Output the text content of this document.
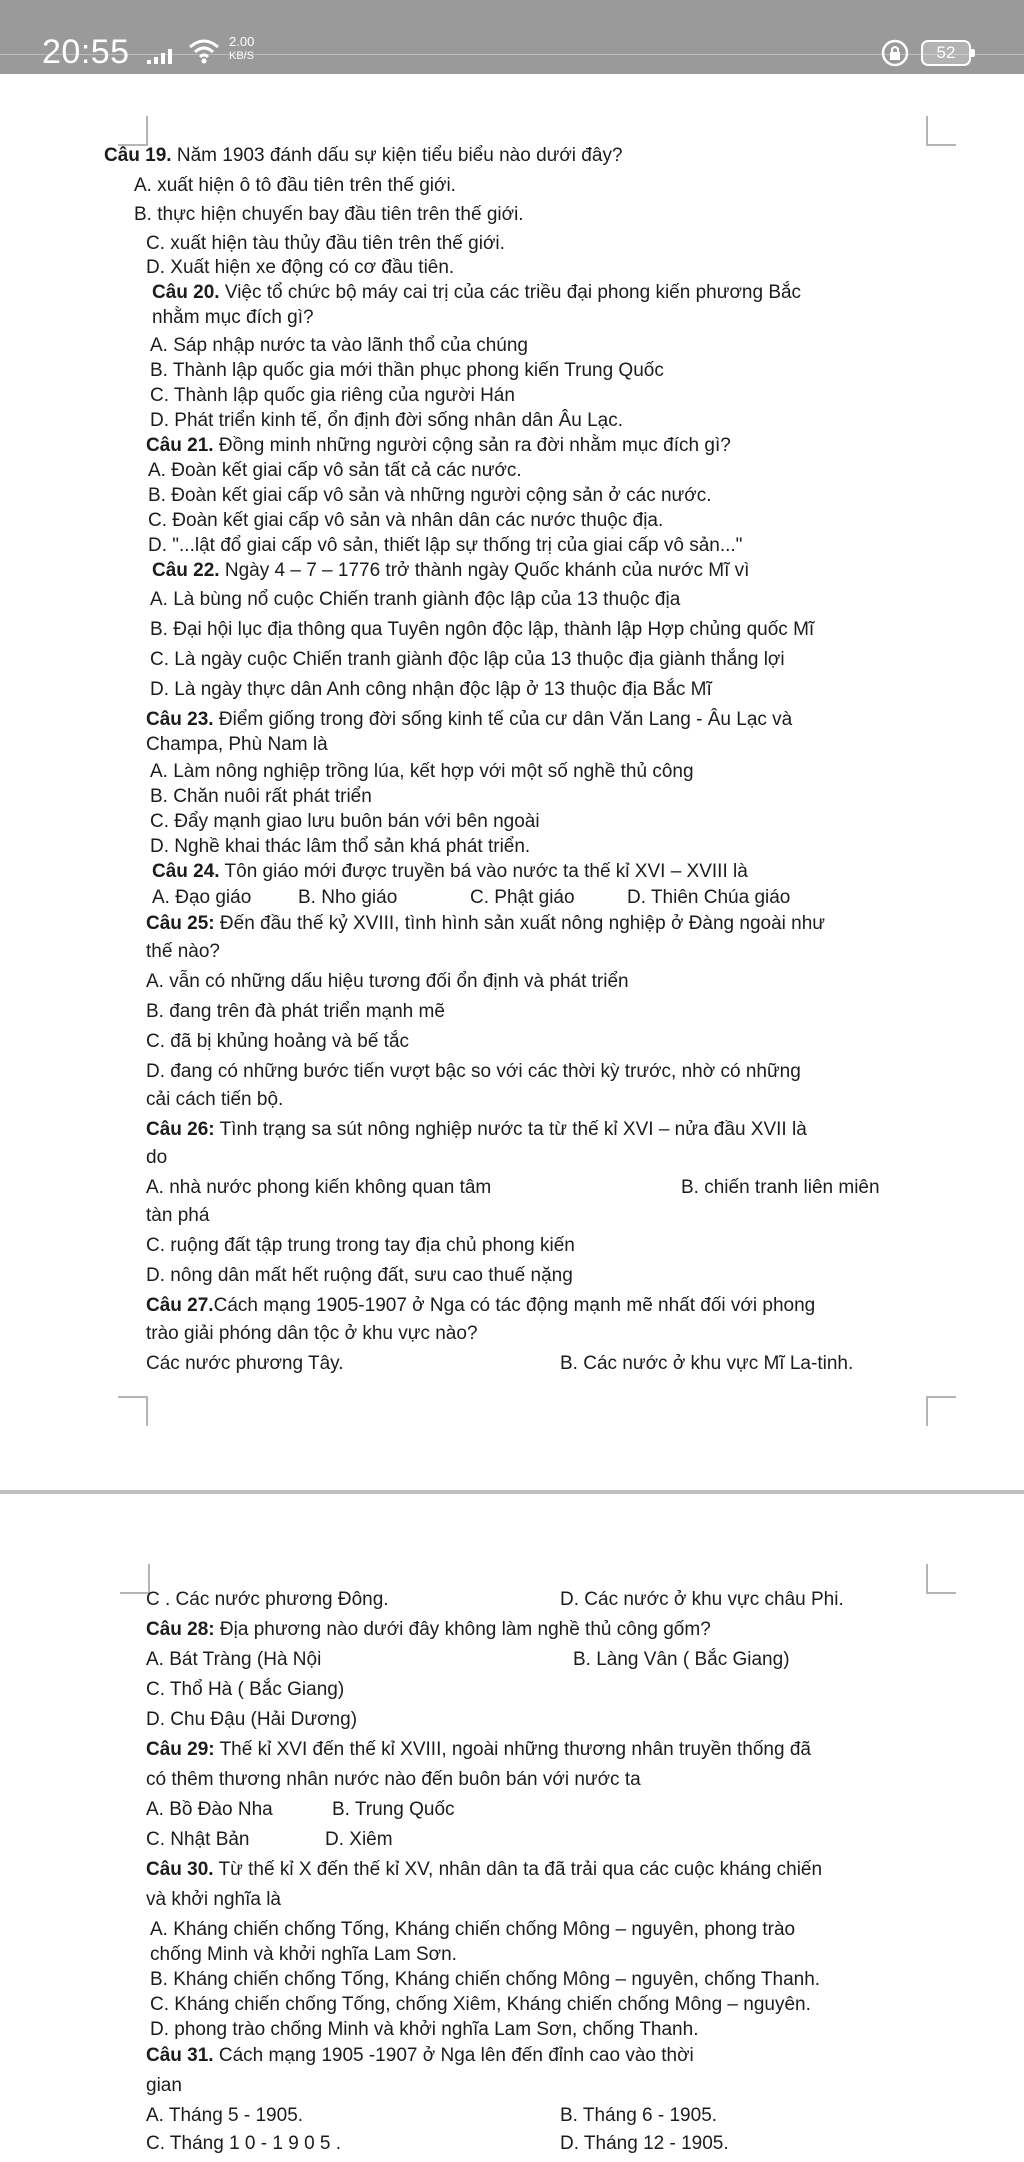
20:55	2.00
KB/S	52
Câu 19. Năm 1903 đánh dấu sự kiện tiểu biểu nào dưới đây?
A. xuất hiện ô tô đầu tiên trên thế giới.
B. thực hiện chuyến bay đầu tiên trên thế giới.
C. xuất hiện tàu thủy đầu tiên trên thế giới.
D. Xuất hiện xe động có cơ đầu tiên.
Câu 20. Việc tổ chức bộ máy cai trị của các triều đại phong kiến phương Bắc
nhằm mục đích gì?
A. Sáp nhập nước ta vào lãnh thổ của chúng
B. Thành lập quốc gia mới thần phục phong kiến Trung Quốc
C. Thành lập quốc gia riêng của người Hán
D. Phát triển kinh tế, ổn định đời sống nhân dân Âu Lạc.
Câu 21. Đồng minh những người cộng sản ra đời nhằm mục đích gì?
A. Đoàn kết giai cấp vô sản tất cả các nước.
B. Đoàn kết giai cấp vô sản và những người cộng sản ở các nước.
C. Đoàn kết giai cấp vô sản và nhân dân các nước thuộc địa.
D. "...lật đổ giai cấp vô sản, thiết lập sự thống trị của giai cấp vô sản..."
Câu 22. Ngày 4 – 7 – 1776 trở thành ngày Quốc khánh của nước Mĩ vì
A. Là bùng nổ cuộc Chiến tranh giành độc lập của 13 thuộc địa
B. Đại hội lục địa thông qua Tuyên ngôn độc lập, thành lập Hợp chủng quốc Mĩ
C. Là ngày cuộc Chiến tranh giành độc lập của 13 thuộc địa giành thắng lợi
D. Là ngày thực dân Anh công nhận độc lập ở 13 thuộc địa Bắc Mĩ
Câu 23. Điểm giống trong đời sống kinh tế của cư dân Văn Lang - Âu Lạc và
Champa, Phù Nam là
A. Làm nông nghiệp trồng lúa, kết hợp với một số nghề thủ công
B. Chăn nuôi rất phát triển
C. Đẩy mạnh giao lưu buôn bán với bên ngoài
D. Nghề khai thác lâm thổ sản khá phát triển.
Câu 24. Tôn giáo mới được truyền bá vào nước ta thế kỉ XVI – XVIII là
A. Đạo giáo B. Nho giáo	C. Phật giáo	D. Thiên Chúa giáo
Câu 25: Đến đầu thế kỷ XVIII, tình hình sản xuất nông nghiệp ở Đàng ngoài như
thế nào?
A. vẫn có những dấu hiệu tương đối ổn định và phát triển
B. đang trên đà phát triển mạnh mẽ
C. đã bị khủng hoảng và bế tắc
D. đang có những bước tiến vượt bậc so với các thời kỳ trước, nhờ có những
cải cách tiến bộ.
Câu 26: Tình trạng sa sút nông nghiệp nước ta từ thế kỉ XVI – nửa đầu XVII là
do
A. nhà nước phong kiến không quan tâm	B. chiến tranh liên miên
tàn phá
C. ruộng đất tập trung trong tay địa chủ phong kiến
D. nông dân mất hết ruộng đất, sưu cao thuế nặng
Câu 27.Cách mạng 1905-1907 ở Nga có tác động mạnh mẽ nhất đối với phong
trào giải phóng dân tộc ở khu vực nào?
Các nước phương Tây.	B. Các nước ở khu vực Mĩ La-tinh.
C . Các nước phương Đông.	D. Các nước ở khu vực châu Phi.
Câu 28: Địa phương nào dưới đây không làm nghề thủ công gốm?
A. Bát Tràng (Hà Nội	B. Làng Vân ( Bắc Giang)
C. Thổ Hà ( Bắc Giang)
D. Chu Đậu (Hải Dương)
Câu 29: Thế kỉ XVI đến thế kỉ XVIII, ngoài những thương nhân truyền thống đã
có thêm thương nhân nước nào đến buôn bán với nước ta
A. Bồ Đào Nha	B. Trung Quốc
C. Nhật Bản	D. Xiêm
Câu 30. Từ thế kỉ X đến thế kỉ XV, nhân dân ta đã trải qua các cuộc kháng chiến
và khởi nghĩa là
A. Kháng chiến chống Tống, Kháng chiến chống Mông – nguyên, phong trào
chống Minh và khởi nghĩa Lam Sơn.
B. Kháng chiến chống Tống, Kháng chiến chống Mông – nguyên, chống Thanh.
C. Kháng chiến chống Tống, chống Xiêm, Kháng chiến chống Mông – nguyên.
D. phong trào chống Minh và khởi nghĩa Lam Sơn, chống Thanh.
Câu 31. Cách mạng 1905 -1907 ở Nga lên đến đỉnh cao vào thời
gian
A. Tháng 5 - 1905.	B. Tháng 6 - 1905.
C. Tháng 1 0 - 1 9 0 5 .	D. Tháng 12 - 1905.
